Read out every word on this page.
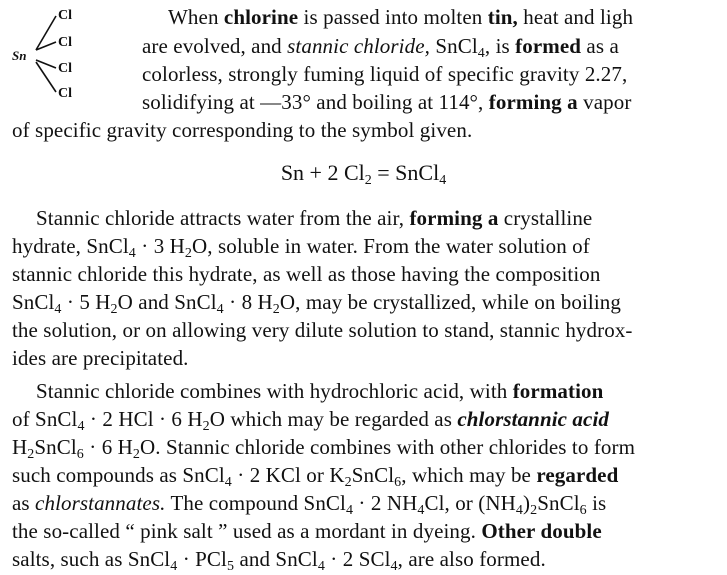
Sn
Cl
Cl
Cl
Cl
When chlorine is passed into molten tin, heat and ligh
are evolved, and stannic chloride, SnCl$_4$, is formed as a
colorless, strongly fuming liquid of specific gravity 2.27,
solidifying at —33° and boiling at 114°, forming a vapor
of specific gravity corresponding to the symbol given.
Sn + 2 $Cl_2$ = SnCl$_4$
Stannic chloride attracts water from the air, forming a crystalline
hydrate, SnCl$_4$ · 3 $H_2O$, soluble in water. From the water solution of
stannic chloride this hydrate, as well as those having the composition
SnCl$_4$ · 5 $H_2O$ and SnCl$_4$ · 8 $H_2O$, may be crystallized, while on boiling
the solution, or on allowing very dilute solution to stand, stannic hydrox-
ides are precipitated.
Stannic chloride combines with hydrochloric acid, with formation
of SnCl$_4$ · 2 HCl · 6 $H_2O$ which may be regarded as chlorstannic acid
$H_2SnCl_6 \cdot 6$ $H_2O$. Stannic chloride combines with other chlorides to form
such compounds as SnCl$_4$ · 2 KCl or $K_2SnCl_6$, which may be regarded
as chlorstannates. The compound SnCl$_4$ · 2 $NH_4Cl$, or $(NH_4)_2SnCl_6$ is
the so-called “ pink salt ” used as a mordant in dyeing. Other double
salts, such as SnCl$_4$ · PCl$_5$ and SnCl$_4$ · 2 SCl$_4$, are also formed.
